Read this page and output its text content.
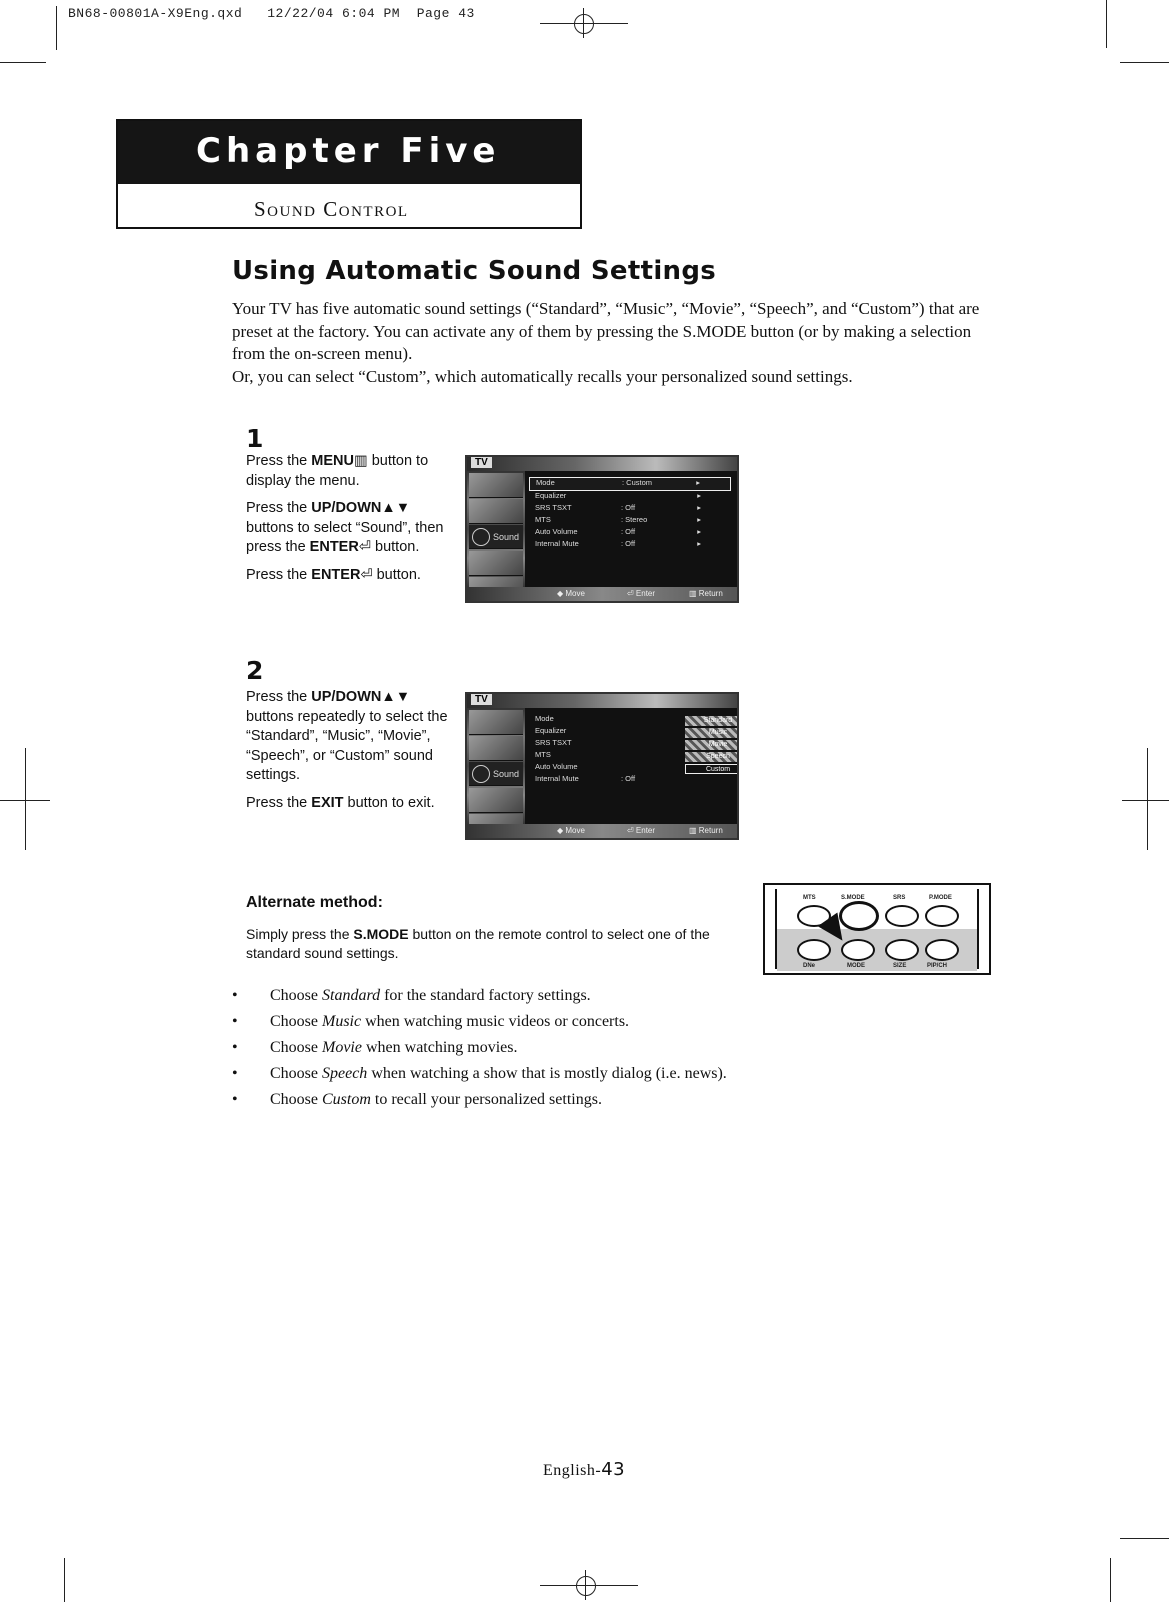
BN68-00801A-X9Eng.qxd 12/22/04 6:04 PM Page 43
Chapter Five
Sound Control
Using Automatic Sound Settings

Your TV has five automatic sound settings (“Standard”, “Music”, “Movie”, “Speech”, and “Custom”) that are preset at the factory. You can activate any of them by pressing the S.MODE button (or by making a selection from the on-screen menu).

Or, you can select “Custom”, which automatically recalls your personalized sound settings.

1

Press the MENU▥ button to display the menu.

Press the UP/DOWN▲▼ buttons to select “Sound”, then press the ENTER⏎ button.

Press the ENTER⏎ button.

TV
Sound
Mode	: Custom	▸
Equalizer	▸
SRS TSXT	: Off	▸
MTS	: Stereo	▸
Auto Volume	: Off	▸
Internal Mute	: Off	▸
◆ Move	⏎ Enter	▥ Return
2

Press the UP/DOWN▲▼ buttons repeatedly to select the “Standard”, “Music”, “Movie”, “Speech”, or “Custom” sound settings.

Press the EXIT button to exit.

TV
Sound
Mode
Equalizer
SRS TSXT
MTS
Auto Volume
Internal Mute	: Off
Standard
Music
Movie
Speech
Custom
◆ Move	⏎ Enter	▥ Return
Alternate method:
Simply press the S.MODE button on the remote control to select one of the standard sound settings.
MTS	S.MODE	SRS	P.MODE
DNe	MODE	SIZE	PIP/CH
• Choose Standard for the standard factory settings.
• Choose Music when watching music videos or concerts.
• Choose Movie when watching movies.
• Choose Speech when watching a show that is mostly dialog (i.e. news).
• Choose Custom to recall your personalized settings.
English-43
